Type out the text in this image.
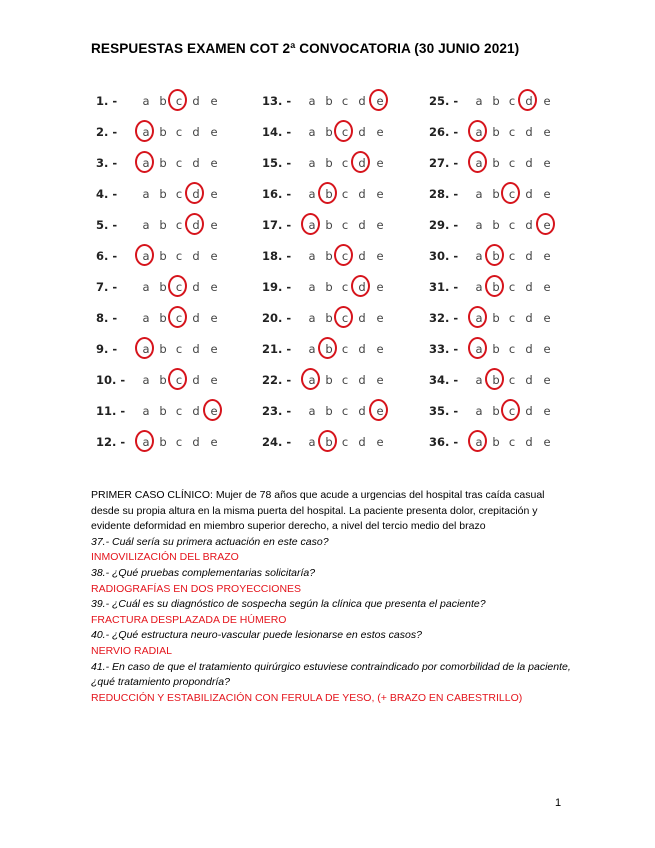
RESPUESTAS EXAMEN COT 2ª CONVOCATORIA (30 JUNIO 2021)
1. -	a b c d e
2. -	a b c d e
3. -	a b c d e
4. -	a b c d e
5. -	a b c d e
6. -	a b c d e
7. -	a b c d e
8. -	a b c d e
9. -	a b c d e
10. -	a b c d e
11. -	a b c d e
12. -	a b c d e
13. -	a b c d e
14. -	a b c d e
15. -	a b c d e
16. -	a b c d e
17. -	a b c d e
18. -	a b c d e
19. -	a b c d e
20. -	a b c d e
21. -	a b c d e
22. -	a b c d e
23. -	a b c d e
24. -	a b c d e
25. -	a b c d e
26. -	a b c d e
27. -	a b c d e
28. -	a b c d e
29. -	a b c d e
30. -	a b c d e
31. -	a b c d e
32. -	a b c d e
33. -	a b c d e
34. -	a b c d e
35. -	a b c d e
36. -	a b c d e

PRIMER CASO CLÍNICO: Mujer de 78 años que acude a urgencias del hospital tras caída casual desde su propia altura en la misma puerta del hospital. La paciente presenta dolor, crepitación y evidente deformidad en miembro superior derecho, a nivel del tercio medio del brazo

37.- Cuál sería su primera actuación en este caso?

INMOVILIZACIÓN DEL BRAZO

38.- ¿Qué pruebas complementarias solicitaría?

RADIOGRAFÍAS EN DOS PROYECCIONES

39.- ¿Cuál es su diagnóstico de sospecha según la clínica que presenta el paciente?

FRACTURA DESPLAZADA DE HÚMERO

40.- ¿Qué estructura neuro-vascular puede lesionarse en estos casos?

NERVIO RADIAL

41.- En caso de que el tratamiento quirúrgico estuviese contraindicado por comorbilidad de la paciente, ¿qué tratamiento propondría?

REDUCCIÓN Y ESTABILIZACIÓN CON FERULA DE YESO, (+ BRAZO EN CABESTRILLO)

1
